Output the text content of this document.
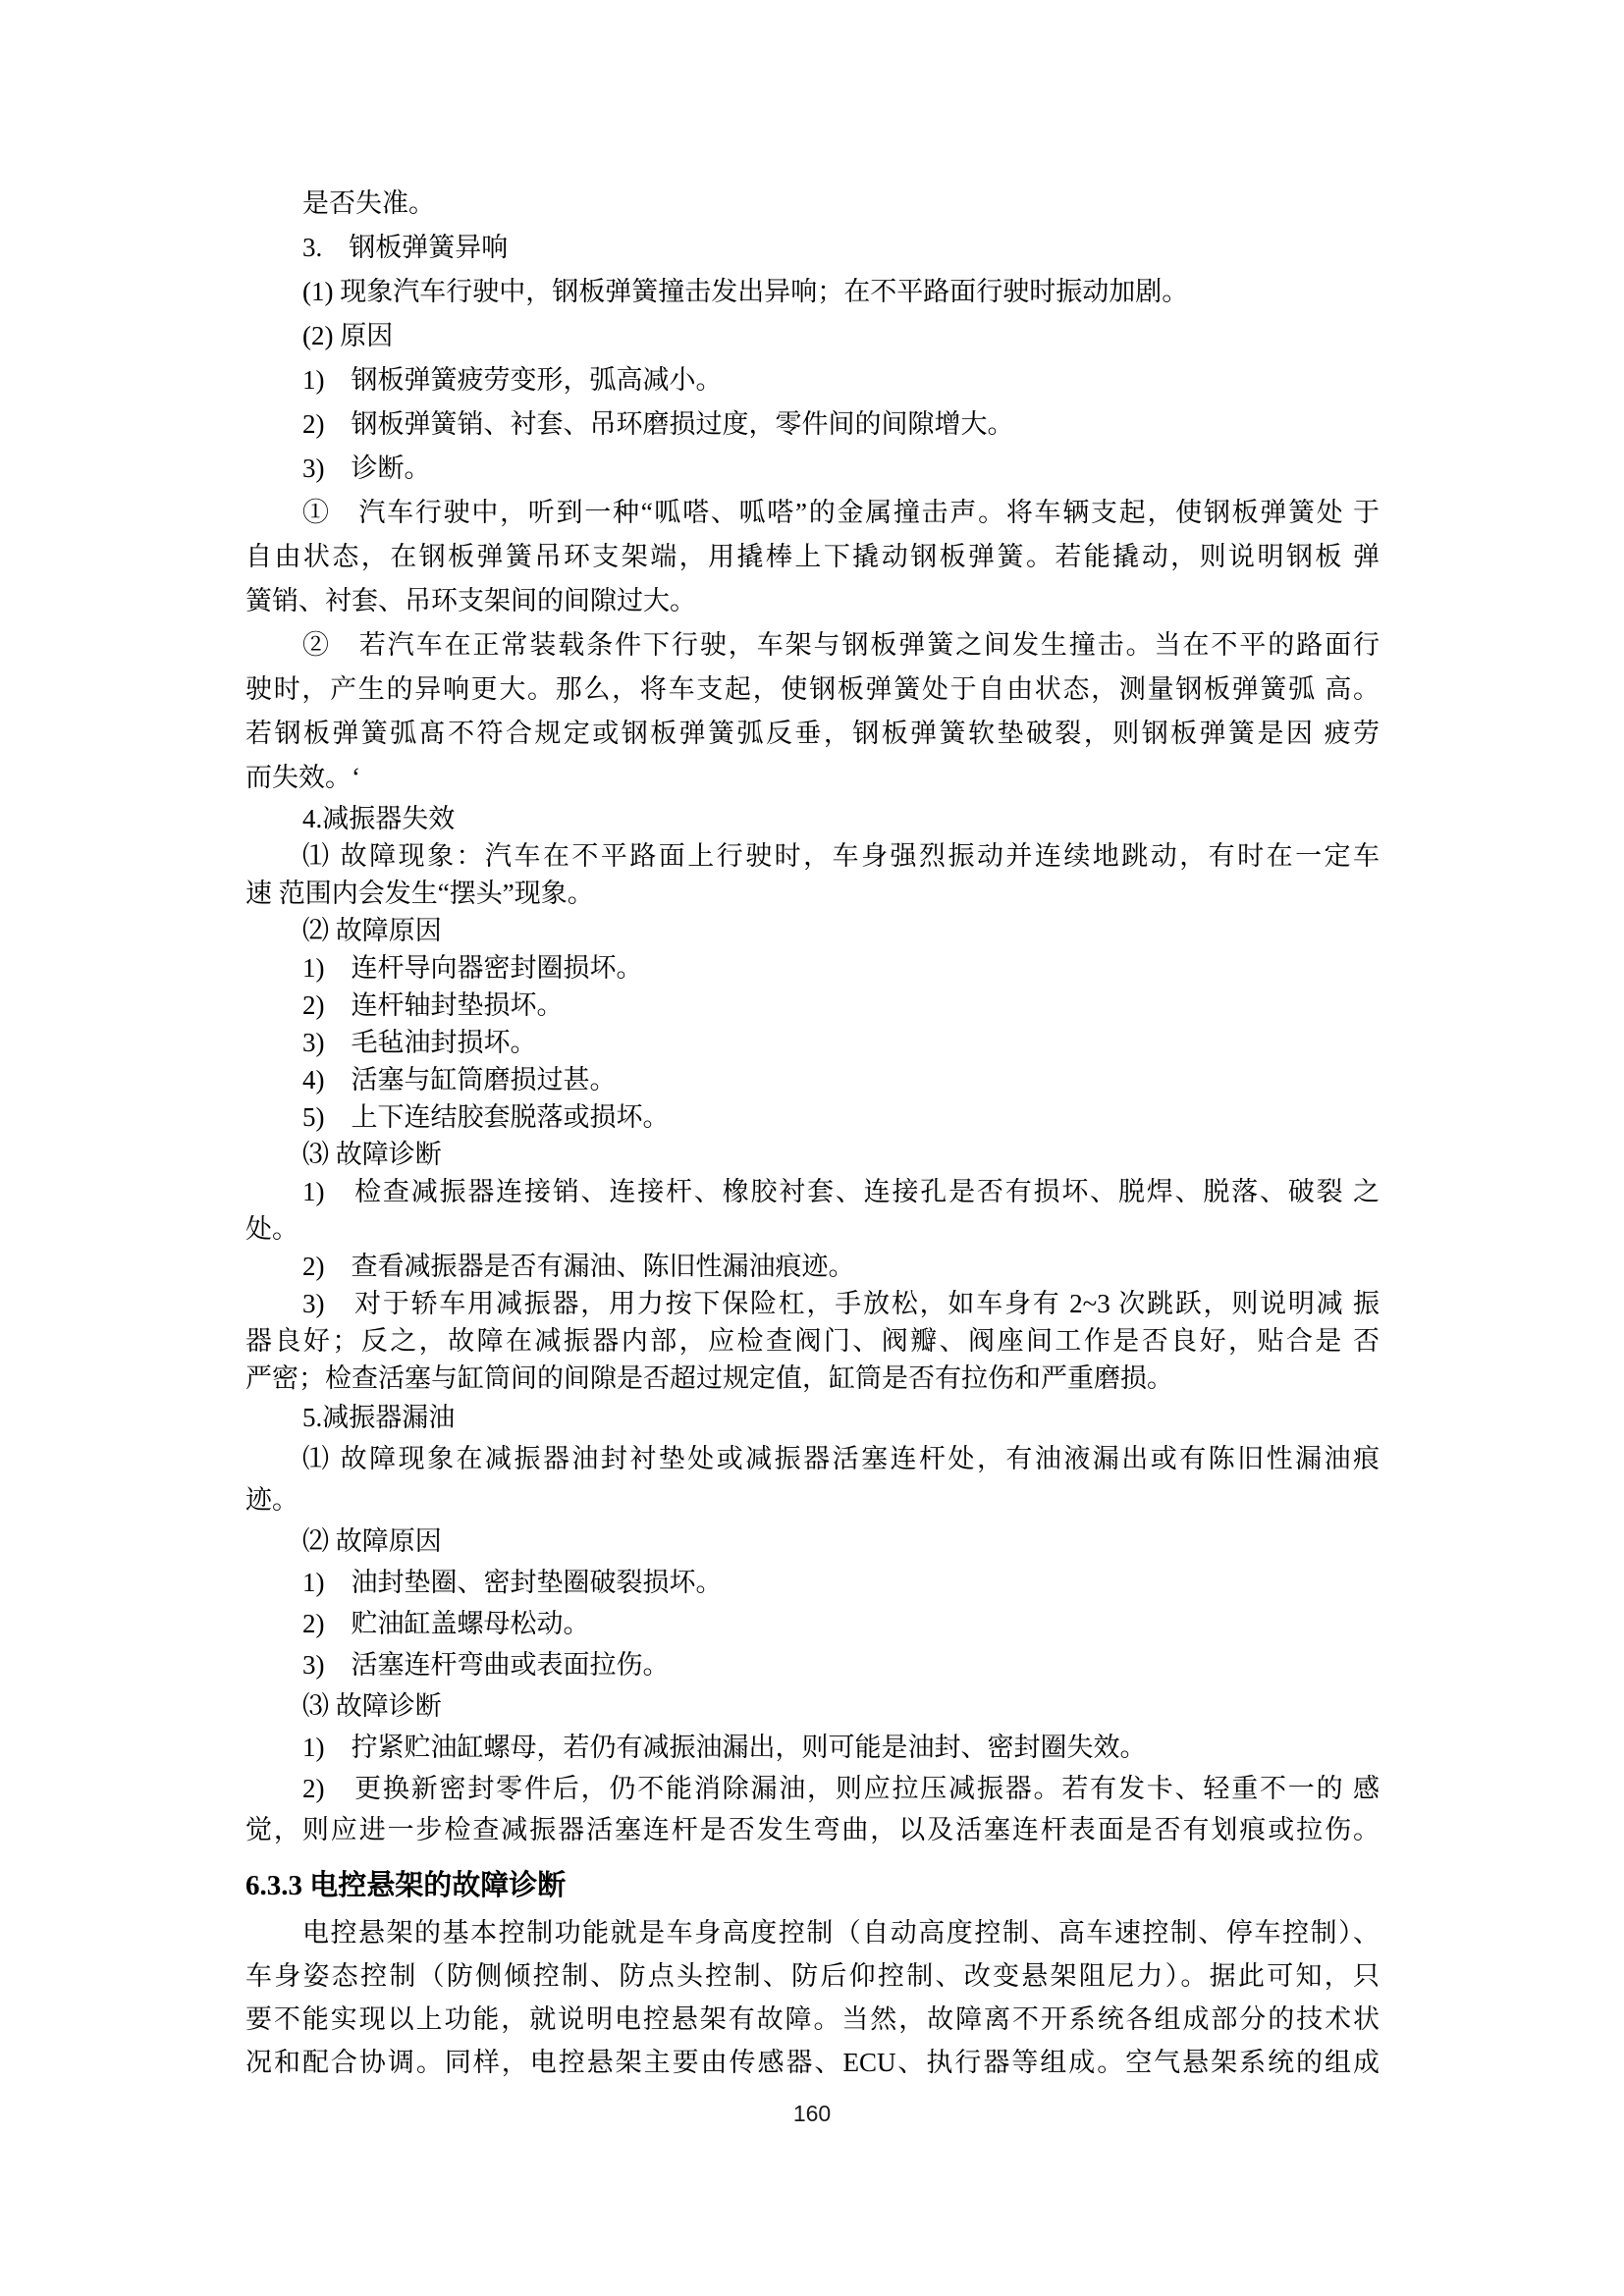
是否失准。
3.　钢板弹簧异响
(1) 现象汽车行驶中，钢板弹簧撞击发出异响；在不平路面行驶时振动加剧。
(2) 原因
1)　钢板弹簧疲劳变形，弧高减小。
2)　钢板弹簧销、衬套、吊环磨损过度，零件间的间隙增大。
3)　诊断。
①　汽车行驶中，听到一种“呱嗒、呱嗒”的金属撞击声。将车辆支起，使钢板弹簧处 于
自由状态，在钢板弹簧吊环支架端，用撬棒上下撬动钢板弹簧。若能撬动，则说明钢板 弹
簧销、衬套、吊环支架间的间隙过大。
②　若汽车在正常装载条件下行驶，车架与钢板弹簧之间发生撞击。当在不平的路面行
驶时，产生的异响更大。那么，将车支起，使钢板弹簧处于自由状态，测量钢板弹簧弧 高。
若钢板弹簧弧髙不符合规定或钢板弹簧弧反垂，钢板弹簧软垫破裂，则钢板弹簧是因 疲劳
而失效。‘
4.减振器失效
⑴ 故障现象：汽车在不平路面上行驶时，车身强烈振动并连续地跳动，有时在一定车
速 范围内会发生“摆头”现象。
⑵ 故障原因
1)　连杆导向器密封圈损坏。
2)　连杆轴封垫损坏。
3)　毛毡油封损坏。
4)　活塞与缸筒磨损过甚。
5)　上下连结胶套脱落或损坏。
⑶ 故障诊断
1)　检查减振器连接销、连接杆、橡胶衬套、连接孔是否有损坏、脱焊、脱落、破裂 之
处。
2)　查看减振器是否有漏油、陈旧性漏油痕迹。
3)　对于轿车用减振器，用力按下保险杠，手放松，如车身有 2~3 次跳跃，则说明减 振
器良好；反之，故障在减振器内部，应检查阀门、阀瓣、阀座间工作是否良好，贴合是 否
严密；检查活塞与缸筒间的间隙是否超过规定值，缸筒是否有拉伤和严重磨损。
5.减振器漏油
⑴ 故障现象在减振器油封衬垫处或减振器活塞连杆处，有油液漏出或有陈旧性漏油痕
迹。
⑵ 故障原因
1)　油封垫圈、密封垫圈破裂损坏。
2)　贮油缸盖螺母松动。
3)　活塞连杆弯曲或表面拉伤。
⑶ 故障诊断
1)　拧紧贮油缸螺母，若仍有减振油漏出，则可能是油封、密封圈失效。
2)　更换新密封零件后，仍不能消除漏油，则应拉压减振器。若有发卡、轻重不一的 感
觉，则应进一步检查减振器活塞连杆是否发生弯曲，以及活塞连杆表面是否有划痕或拉伤。
6.3.3 电控悬架的故障诊断
电控悬架的基本控制功能就是车身高度控制（自动高度控制、高车速控制、停车控制）、
车身姿态控制（防侧倾控制、防点头控制、防后仰控制、改变悬架阻尼力）。据此可知，只
要不能实现以上功能，就说明电控悬架有故障。当然，故障离不开系统各组成部分的技术状
况和配合协调。同样，电控悬架主要由传感器、ECU、执行器等组成。空气悬架系统的组成
160
